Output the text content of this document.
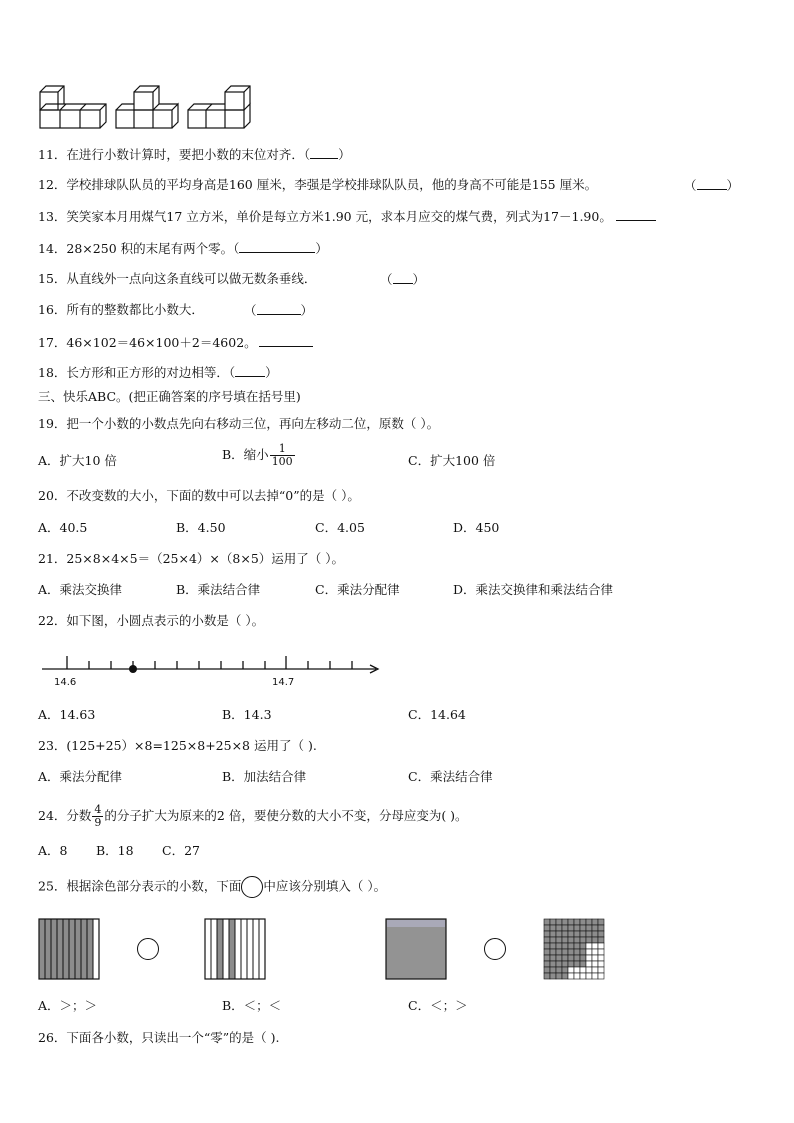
11．在进行小数计算时，要把小数的末位对齐．（ ）
12．学校排球队队员的平均身高是160 厘米，李强是学校排球队队员，他的身高不可能是155 厘米。	（ ）
13．笑笑家本月用煤气17 立方米，单价是每立方米1.90 元，求本月应交的煤气费，列式为17－1.90。
14．28×250 积的末尾有两个零。（	）
15．从直线外一点向这条直线可以做无数条垂线．	（ ）
16．所有的整数都比小数大．	（	）
17．46×102＝46×100＋2＝4602。
18．长方形和正方形的对边相等．（ ）
三、快乐ABC。(把正确答案的序号填在括号里)
19．把一个小数的小数点先向右移动三位，再向左移动二位，原数（ ）。
A．扩大10 倍	B．缩小 $\frac{1}{100}$	C．扩大100 倍
20．不改变数的大小，下面的数中可以去掉“0”的是（ ）。
A．40.5	B．4.50	C．4.05	D．450
21．25×8×4×5＝（25×4）×（8×5）运用了（ ）。
A．乘法交换律	B．乘法结合律	C．乘法分配律	D．乘法交换律和乘法结合律
22．如下图，小圆点表示的小数是（ ）。
14.6	14.7
A．14.63	B．14.3	C．14.64
23．(125+25）×8=125×8+25×8 运用了（ ).
A．乘法分配律	B．加法结合律	C．乘法结合律
24．分数 $\frac{4}{9}$ 的分子扩大为原来的2 倍，要使分数的大小不变，分母应变为( )。
A．8 B．18 C．27
25．根据涂色部分表示的小数，下面 中应该分别填入（ ）。
A．＞；＞	B．＜；＜	C．＜；＞
26．下面各小数，只读出一个“零”的是（ ).
